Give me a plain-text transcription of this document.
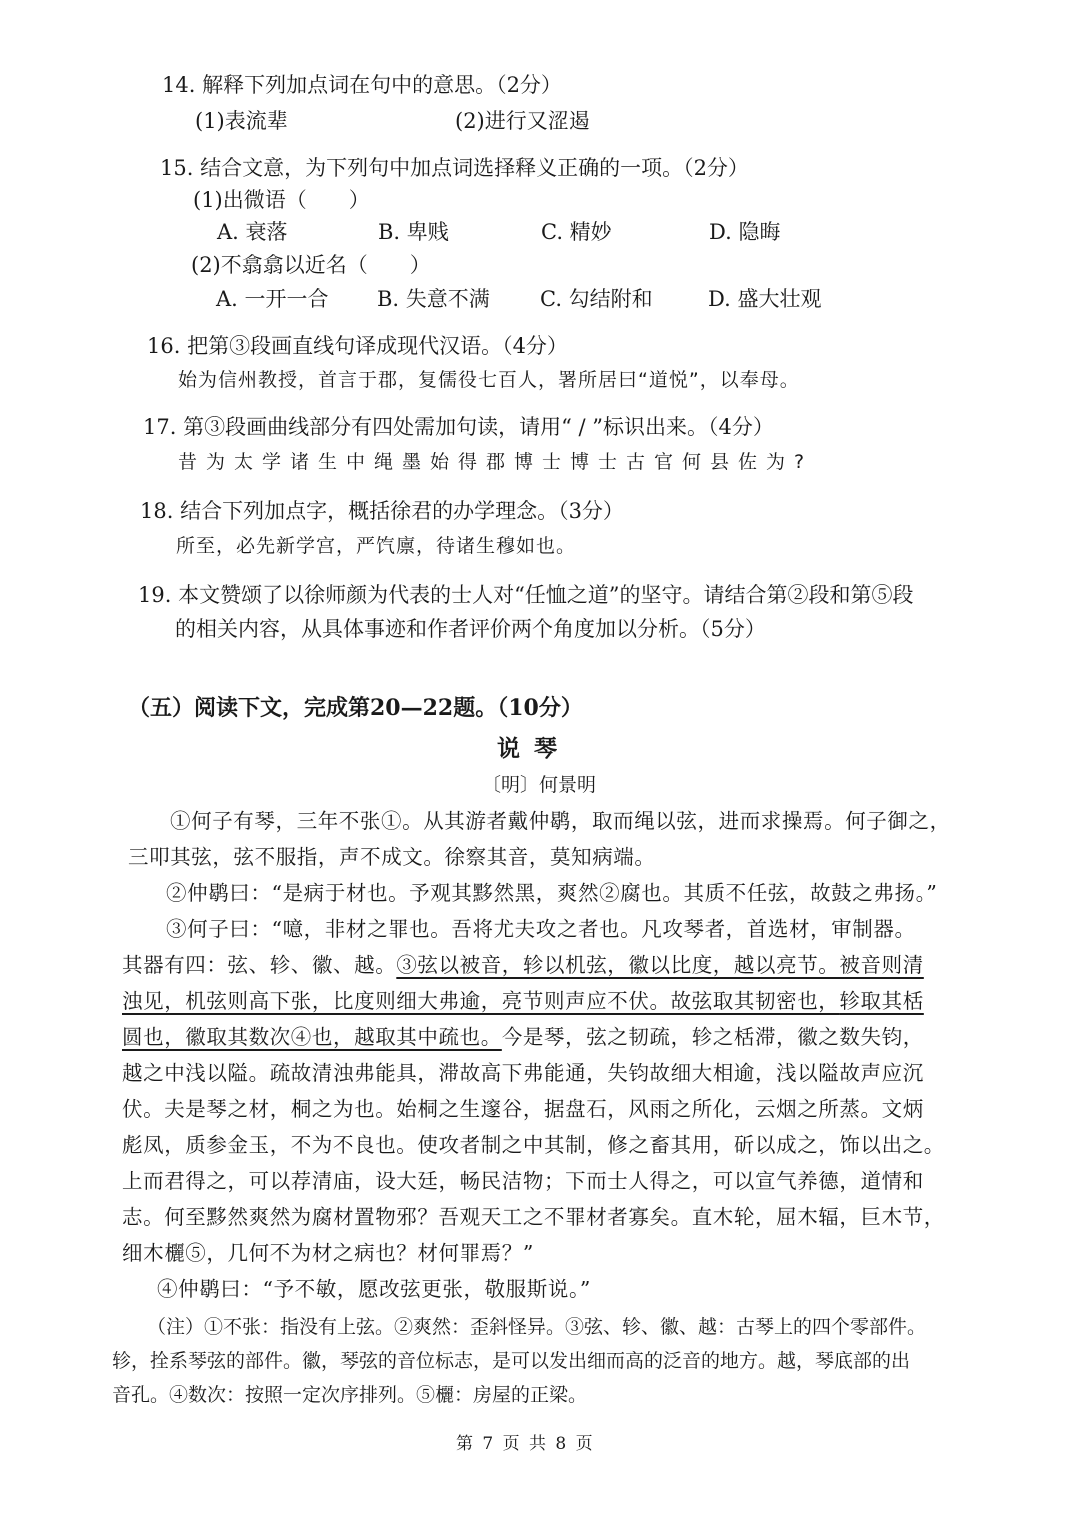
14. 解释下列加点词在句中的意思。（2分）
(1)表流辈	(2)进行又涩遏
15. 结合文意，为下列句中加点词选择释义正确的一项。（2分）
(1)出微语（　　）
A. 衰落	B. 卑贱	C. 精妙	D. 隐晦
(2)不翕翕以近名（　　）
A. 一开一合 B. 失意不满 C. 勾结附和	D. 盛大壮观
16. 把第③段画直线句译成现代汉语。（4分）
始为信州教授，首言于郡，复儒役七百人，署所居曰“道悦”，以奉母。
17. 第③段画曲线部分有四处需加句读，请用“ / ”标识出来。（4分）
昔为太学诸生中绳墨始得郡博士博士古官何县佐为?
18. 结合下列加点字，概括徐君的办学理念。（3分）
所至，必先新学宫，严饩廪，待诸生穆如也。
19. 本文赞颂了以徐师颜为代表的士人对“任恤之道”的坚守。请结合第②段和第⑤段
的相关内容，从具体事迹和作者评价两个角度加以分析。（5分）
（五）阅读下文，完成第20—22题。（10分）
说琴
〔明〕何景明
①何子有琴，三年不张①。从其游者戴仲鹖，取而绳以弦，进而求操焉。何子御之，
三叩其弦，弦不服指，声不成文。徐察其音，莫知病端。
②仲鹖曰：“是病于材也。予观其黟然黑，爽然②腐也。其质不任弦，故鼓之弗扬。”
③何子曰：“噫，非材之罪也。吾将尤夫攻之者也。凡攻琴者，首选材，审制器。
其器有四：弦、轸、徽、越。③弦以被音，轸以机弦，徽以比度，越以亮节。被音则清
浊见，机弦则高下张，比度则细大弗逾，亮节则声应不伏。故弦取其韧密也，轸取其栝
圆也，徽取其数次④也，越取其中疏也。今是琴，弦之韧疏，轸之栝滞，徽之数失钧，
越之中浅以隘。疏故清浊弗能具，滞故高下弗能通，失钧故细大相逾，浅以隘故声应沉
伏。夫是琴之材，桐之为也。始桐之生邃谷，据盘石，风雨之所化，云烟之所蒸。文炳
彪凤，质参金玉，不为不良也。使攻者制之中其制，修之畜其用，斫以成之，饰以出之。
上而君得之，可以荐清庙，设大廷，畅民洁物；下而士人得之，可以宣气养德，道情和
志。何至黟然爽然为腐材置物邪？吾观天工之不罪材者寡矣。直木轮，屈木辐，巨木节，
细木欐⑤，几何不为材之病也？材何罪焉？”
④仲鹖曰：“予不敏，愿改弦更张，敬服斯说。”
（注）①不张：指没有上弦。②爽然：歪斜怪异。③弦、轸、徽、越：古琴上的四个零部件。
轸，拴系琴弦的部件。徽，琴弦的音位标志，是可以发出细而高的泛音的地方。越，琴底部的出
音孔。④数次：按照一定次序排列。⑤欐：房屋的正梁。
第 7 页 共 8 页
